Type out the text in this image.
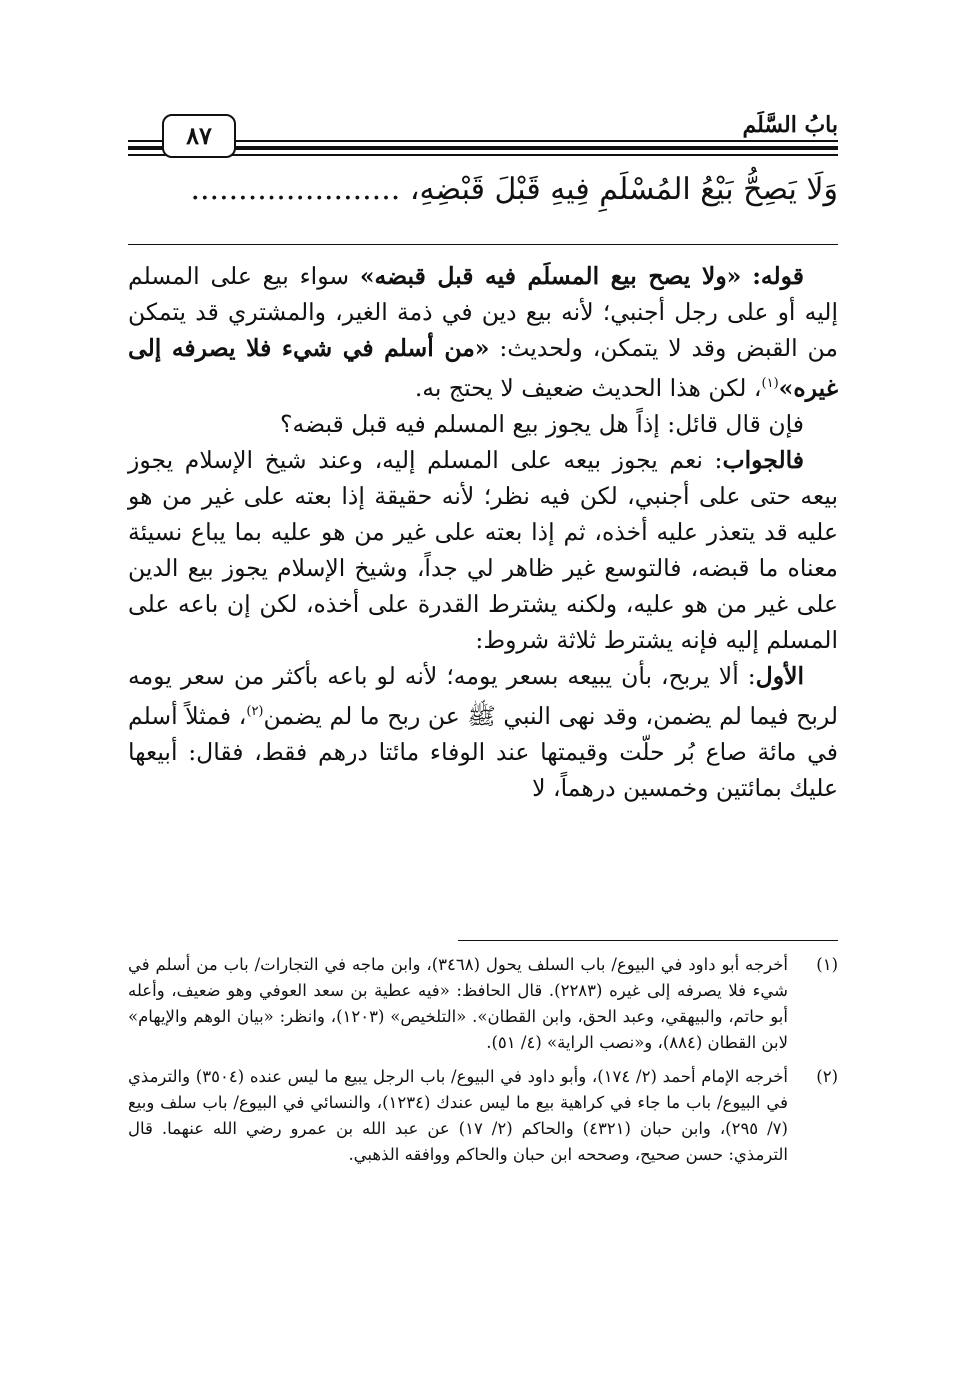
بابُ السَّلَم
٨٧
وَلَا يَصِحُّ بَيْعُ المُسْلَمِ فِيهِ قَبْلَ قَبْضِهِ، ......................

قوله: «ولا يصح بيع المسلَم فيه قبل قبضه» سواء بيع على المسلم إليه أو على رجل أجنبي؛ لأنه بيع دين في ذمة الغير، والمشتري قد يتمكن من القبض وقد لا يتمكن، ولحديث: «من أسلم في شيء فلا يصرفه إلى غيره»$^{(١)}$، لكن هذا الحديث ضعيف لا يحتج به.

فإن قال قائل: إذاً هل يجوز بيع المسلم فيه قبل قبضه؟

فالجواب: نعم يجوز بيعه على المسلم إليه، وعند شيخ الإسلام يجوز بيعه حتى على أجنبي، لكن فيه نظر؛ لأنه حقيقة إذا بعته على غير من هو عليه قد يتعذر عليه أخذه، ثم إذا بعته على غير من هو عليه بما يباع نسيئة معناه ما قبضه، فالتوسع غير ظاهر لي جداً، وشيخ الإسلام يجوز بيع الدين على غير من هو عليه، ولكنه يشترط القدرة على أخذه، لكن إن باعه على المسلم إليه فإنه يشترط ثلاثة شروط:

الأول: ألا يربح، بأن يبيعه بسعر يومه؛ لأنه لو باعه بأكثر من سعر يومه لربح فيما لم يضمن، وقد نهى النبي ﷺ عن ربح ما لم يضمن$^{(٢)}$، فمثلاً أسلم في مائة صاع بُر حلّت وقيمتها عند الوفاء مائتا درهم فقط، فقال: أبيعها عليك بمائتين وخمسين درهماً، لا

(١)
أخرجه أبو داود في البيوع/ باب السلف يحول (٣٤٦٨)، وابن ماجه في التجارات/ باب من أسلم في شيء فلا يصرفه إلى غيره (٢٢٨٣). قال الحافظ: «فيه عطية بن سعد العوفي وهو ضعيف، وأعله أبو حاتم، والبيهقي، وعبد الحق، وابن القطان». «التلخيص» (١٢٠٣)، وانظر: «بيان الوهم والإيهام» لابن القطان (٨٨٤)، و«نصب الراية» (٤/ ٥١).
(٢)
أخرجه الإمام أحمد (٢/ ١٧٤)، وأبو داود في البيوع/ باب الرجل يبيع ما ليس عنده (٣٥٠٤) والترمذي في البيوع/ باب ما جاء في كراهية بيع ما ليس عندك (١٢٣٤)، والنسائي في البيوع/ باب سلف وبيع (٧/ ٢٩٥)، وابن حبان (٤٣٢١) والحاكم (٢/ ١٧) عن عبد الله بن عمرو رضي الله عنهما. قال الترمذي: حسن صحيح، وصححه ابن حبان والحاكم ووافقه الذهبي.
